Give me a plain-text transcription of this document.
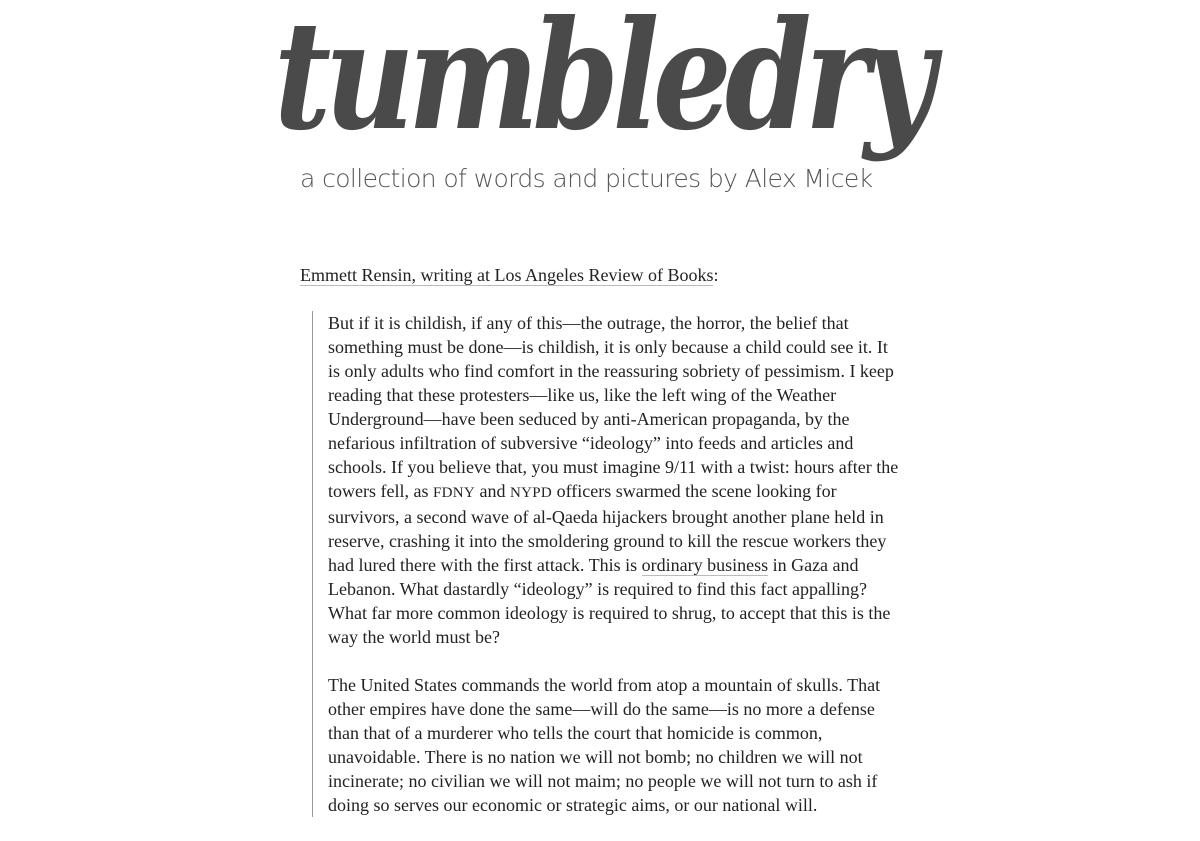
tumbledry
a collection of words and pictures by Alex Micek

Emmett Rensin, writing at Los Angeles Review of Books:

But if it is childish, if any of this—the outrage, the horror, the belief that something must be done—is childish, it is only because a child could see it. It is only adults who find comfort in the reassuring sobriety of pessimism. I keep reading that these protesters—like us, like the left wing of the Weather Underground—have been seduced by anti-American propaganda, by the nefarious infiltration of subversive “ideology” into feeds and articles and schools. If you believe that, you must imagine 9/11 with a twist: hours after the towers fell, as FDNY and NYPD officers swarmed the scene looking for survivors, a second wave of al-Qaeda hijackers brought another plane held in reserve, crashing it into the smoldering ground to kill the rescue workers they had lured there with the first attack. This is ordinary business in Gaza and Lebanon. What dastardly “ideology” is required to find this fact appalling? What far more common ideology is required to shrug, to accept that this is the way the world must be?

The United States commands the world from atop a mountain of skulls. That other empires have done the same—will do the same—is no more a defense than that of a murderer who tells the court that homicide is common, unavoidable. There is no nation we will not bomb; no children we will not incinerate; no civilian we will not maim; no people we will not turn to ash if doing so serves our economic or strategic aims, or our national will.
